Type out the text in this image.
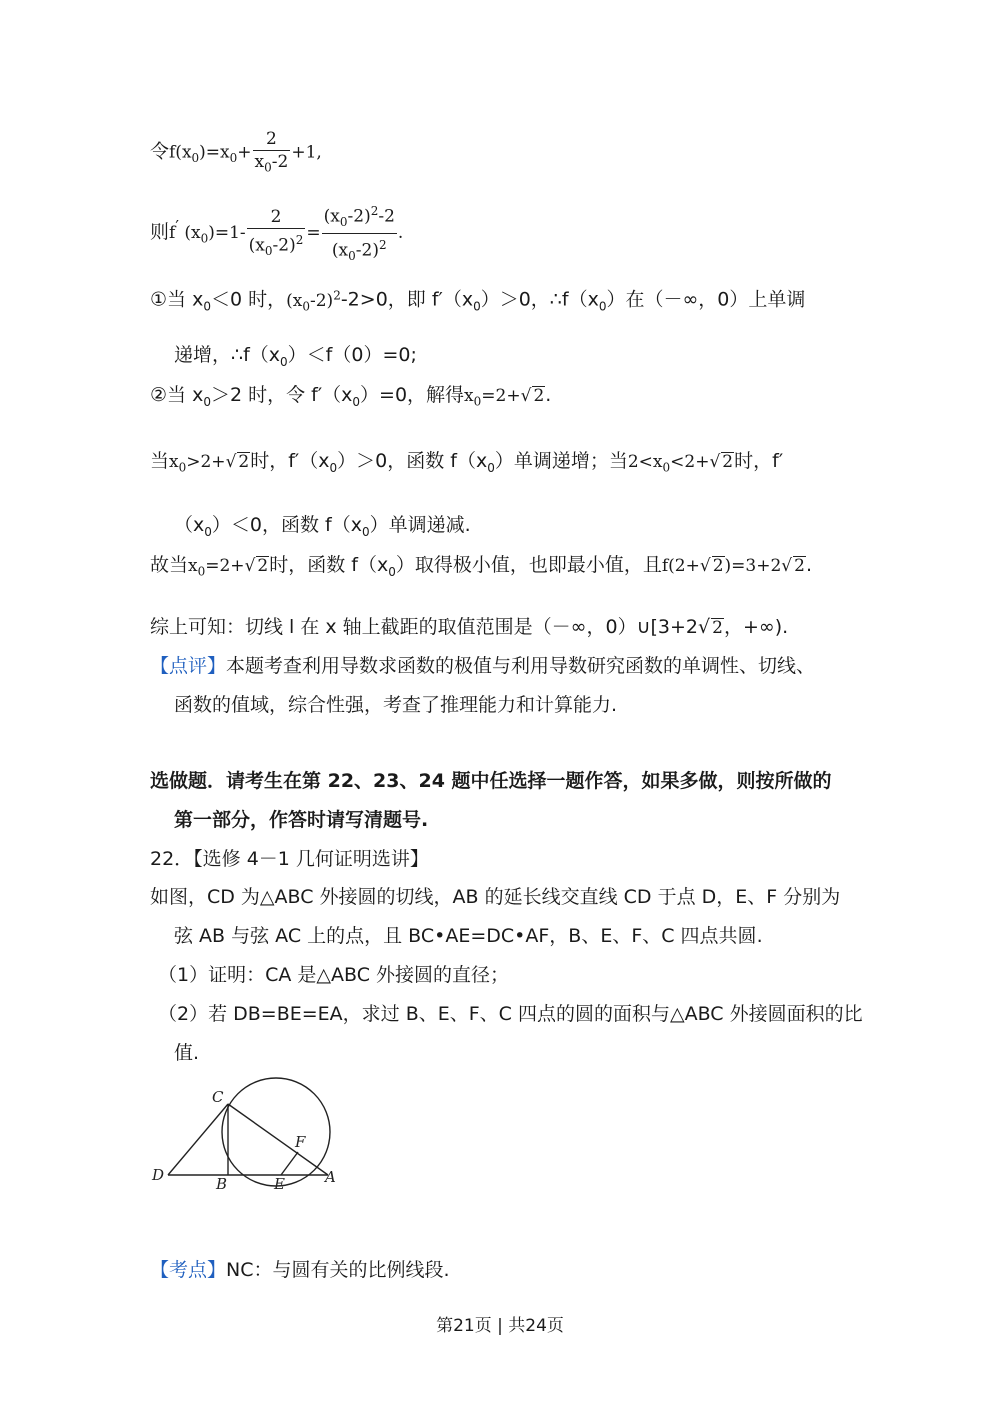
令$f(x_0)=x_0+ \frac{2}{x_0-2} +1$,
则f′ $(x_0)=1- \frac{2}{(x_0-2)^2} = \frac{(x_0-2)^2-2}{(x_0-2)^2}$ .
①当 $x_0<0$ 时，$(x_0-2)^2-2>0$，即 $f'(x_0)>0$，$\therefore f(x_0)$在（－∞，0）上单调
递增，$\therefore f(x_0)<f(0)=0$;
②当 $x_0>2$ 时，令 $f'(x_0)=0$，解得$x_0=2+√$ 2.
当$x_0>2+√$ 2时，$f'(x_0)>0$，函数 $f(x_0)$单调递增；当$2<x_0<2+√$ 2时，f′
$(x_0)<0$，函数 $f(x_0)$单调递减.
故当$x_0=2+√$ 2时，函数 $f(x_0)$取得极小值，也即最小值，且f(2+√ 2)=3+2√ 2.
综上可知：切线 l 在 x 轴上截距的取值范围是（－∞，0）∪[3+2√ 2，+∞).
【点评】本题考查利用导数求函数的极值与利用导数研究函数的单调性、切线、
函数的值域，综合性强，考查了推理能力和计算能力.
选做题．请考生在第 22、23、24 题中任选择一题作答，如果多做，则按所做的
第一部分，作答时请写清题号.
22．【选修 4－1 几何证明选讲】
如图，CD 为△ABC 外接圆的切线，AB 的延长线交直线 CD 于点 D，E、F 分别为
弦 AB 与弦 AC 上的点，且 BC•AE=DC•AF，B、E、F、C 四点共圆.
（1）证明：CA 是△ABC 外接圆的直径；
（2）若 DB=BE=EA，求过 B、E、F、C 四点的圆的面积与△ABC 外接圆面积的比
值.
C
F
D	B	E	A
【考点】NC：与圆有关的比例线段.
第21页 | 共24页
